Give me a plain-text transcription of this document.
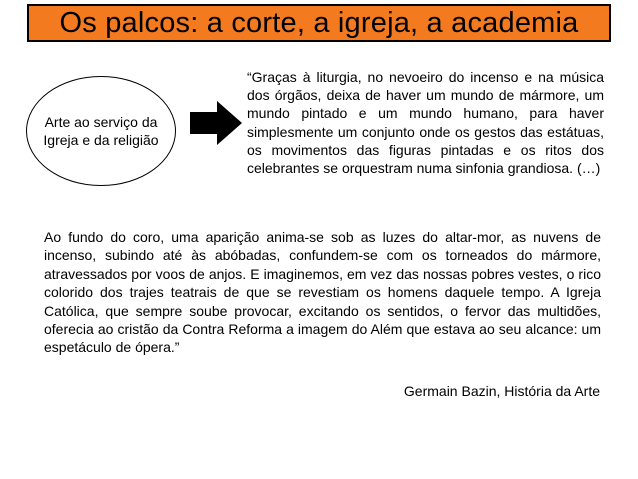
Os palcos: a corte, a igreja, a academia
Arte ao serviço da Igreja e da religião
“Graças à liturgia, no nevoeiro do incenso e na música dos órgãos, deixa de haver um mundo de mármore, um mundo pintado e um mundo humano, para haver simplesmente um conjunto onde os gestos das estátuas, os movimentos das figuras pintadas e os ritos dos celebrantes se orquestram numa sinfonia grandiosa. (…)
Ao fundo do coro, uma aparição anima-se sob as luzes do altar-mor, as nuvens de incenso, subindo até às abóbadas, confundem-se com os torneados do mármore, atravessados por voos de anjos. E imaginemos, em vez das nossas pobres vestes, o rico colorido dos trajes teatrais de que se revestiam os homens daquele tempo. A Igreja Católica, que sempre soube provocar, excitando os sentidos, o fervor das multidões, oferecia ao cristão da Contra Reforma a imagem do Além que estava ao seu alcance: um espetáculo de ópera.”
Germain Bazin, História da Arte
